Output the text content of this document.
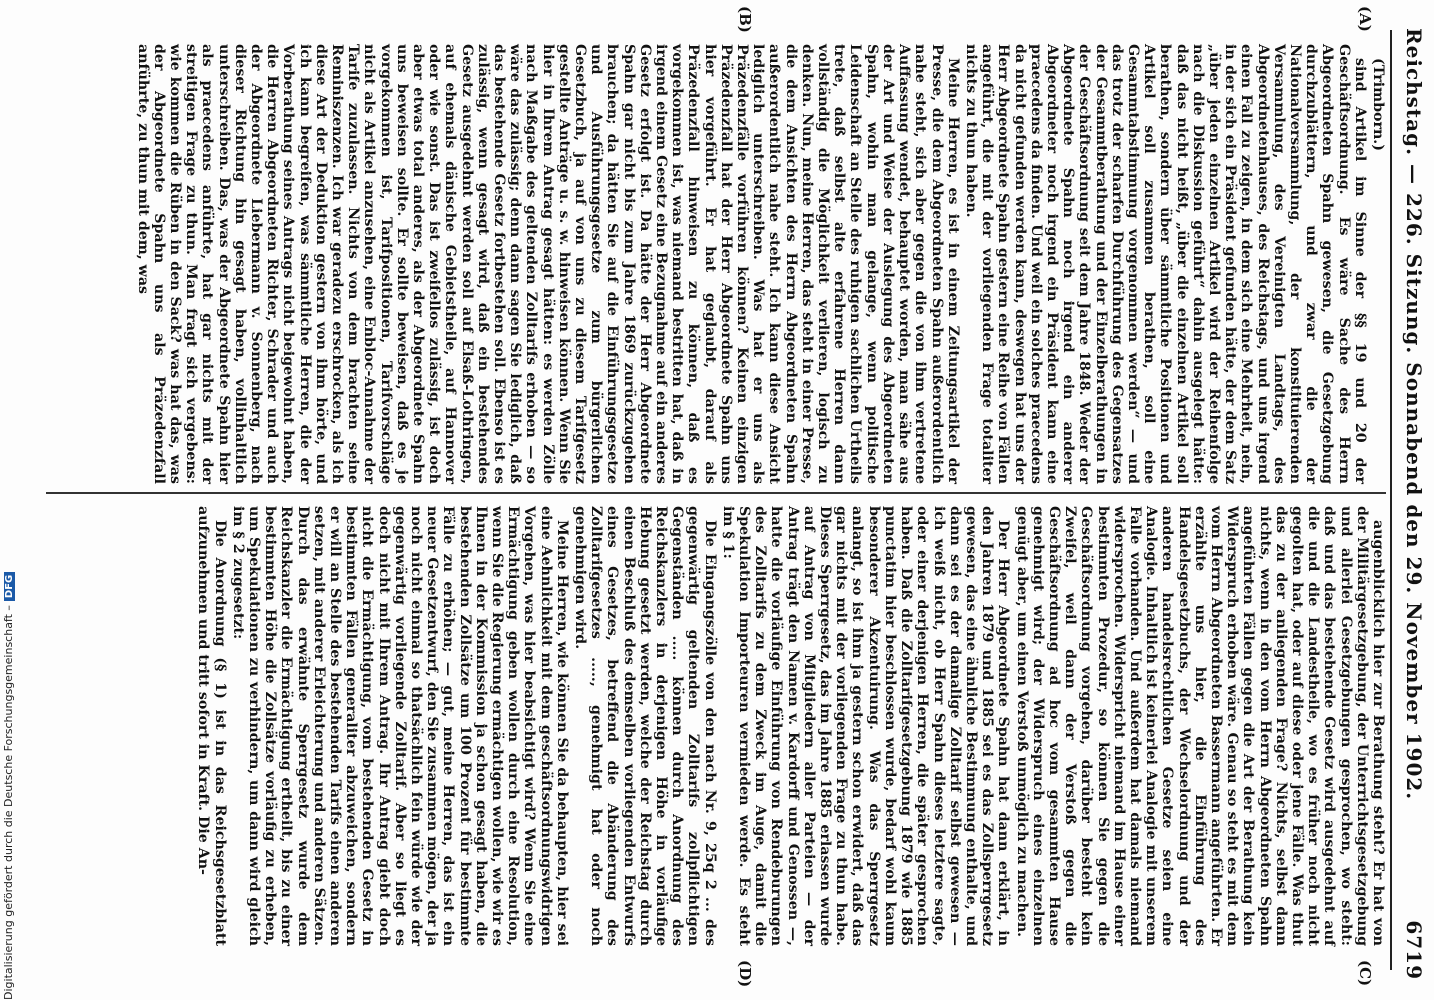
Reichstag. — 226. Sitzung. Sonnabend den 29. November 1902.
6719
(A)
(B)
(C)
(D)

(Trimborn.)

sind Artikel im Sinne der §§ 19 und 20 der Geschäftsordnung. Es wäre Sache des Herrn Abgeordneten Spahn gewesen, die Gesetzgebung durchzublättern, und zwar die der Nationalversammlung, der konstituierenden Versammlung, des Vereinigten Landtags, des Abgeordnetenhauses, des Reichstags, und uns irgend einen Fall zu zeigen, in dem sich eine Mehrheit, nein, in der sich ein Präsident gefunden hätte, der dem Satz „über jeden einzelnen Artikel wird der Reihenfolge nach die Diskussion geführt“ dahin ausgelegt hätte: daß das nicht heißt, „über die einzelnen Artikel soll berathen, sondern über sämmtliche Positionen und Artikel soll zusammen berathen, soll eine Gesammtabstimmung vorgenommen werden“ — und das trotz der scharfen Durchführung des Gegensatzes der Gesammtberathung und der Einzelberathungen in der Geschäftsordnung seit dem Jahre 1848. Weder der Abgeordnete Spahn noch irgend ein anderer Abgeordneter noch irgend ein Präsident kann eine praecedens da finden. Und weil ein solches praecedens da nicht gefunden werden kann, deswegen hat uns der Herr Abgeordnete Spahn gestern eine Reihe von Fällen angeführt, die mit der vorliegenden Frage totaliter nichts zu thun haben.

Meine Herren, es ist in einem Zeitungsartikel der Presse, die dem Abgeordneten Spahn außerordentlich nahe steht, sich aber gegen die von ihm vertretene Auffassung wendet, behauptet worden, man sähe aus der Art und Weise der Auslegung des Abgeordneten Spahn, wohin man gelange, wenn politische Leidenschaft an Stelle des ruhigen sachlichen Urtheils trete, daß selbst alte erfahrene Herren dann vollständig die Möglichkeit verlieren, logisch zu denken. Nun, meine Herren, das steht in einer Presse, die dem Ansichten des Herrn Abgeordneten Spahn außerordentlich nahe steht. Ich kann diese Ansicht lediglich unterschreiben. Was hat er uns als Präzedenzfälle vorführen können? Keinen einzigen Präzedenzfall hat der Herr Abgeordnete Spahn uns hier vorgeführt. Er hat geglaubt, darauf als Präzedenzfall hinweisen zu können, daß es vorgekommen ist, was niemand bestritten hat, daß in irgend einem Gesetz eine Bezugnahme auf ein anderes Gesetz erfolgt ist. Da hätte der Herr Abgeordnete Spahn gar nicht bis zum Jahre 1869 zurückzugehen brauchen; da hätten Sie auf die Einführungsgesetze und Ausführungsgesetze zum bürgerlichen Gesetzbuch, ja auf von uns zu diesem Tarifgesetz gestellte Anträge u. s. w. hinweisen können. Wenn Sie hier in Ihrem Antrag gesagt hätten: es werden Zölle nach Maßgabe des geltenden Zolltarifs erhoben — so wäre das zulässig; denn dann sagen Sie lediglich, daß das bestehende Gesetz fortbestehen soll. Ebenso ist es zulässig, wenn gesagt wird, daß ein bestehendes Gesetz ausgedehnt werden soll auf Elsaß-Lothringen, auf ehemals dänische Gebietstheile, auf Hannover oder wie sonst. Das ist zweifellos zulässig, ist doch aber etwas total anderes, als der Abgeordnete Spahn uns beweisen sollte. Er sollte beweisen, daß es je vorgekommen ist, Tarifpositionen, Tarifvorschläge nicht als Artikel anzusehen, eine Enbloc-Annahme der Tarife zuzulassen. Nichts von dem brachten seine Reminiszenzen. Ich war geradezu erschrocken, als ich diese Art der Deduktion gestern von ihm hörte, und ich kann begreifen, was sämmtliche Herren, die der Vorberathung seines Antrags nicht beigewohnt haben, die Herren Abgeordneten Richter, Schrader und auch der Abgeordnete Liebermann v. Sonnenberg, nach dieser Richtung hin gesagt haben, vollinhaltlich unterschreiben. Das, was der Abgeordnete Spahn hier als praecedens anführte, hat gar nichts mit der streitigen Frage zu thun. Man fragt sich vergebens: wie kommen die Rüben in den Sack? was hat das, was der Abgeordnete Spahn uns als Präzedenzfall anführte, zu thun mit dem, was

augenblicklich hier zur Berathung steht? Er hat von der Militärgesetzgebung, der Unterrichtsgesetzgebung und allerlei Gesetzgebungen gesprochen, wo steht: daß und das bestehende Gesetz wird ausgedehnt auf die und die Landestheile, wo es früher noch nicht gegolten hat, oder auf diese oder jene Fälle. Was thut das zu der anliegenden Frage? Nichts, selbst dann nichts, wenn in den vom Herrn Abgeordneten Spahn angeführten Fällen gegen die Art der Berathung kein Widerspruch erhoben wäre. Genau so steht es mit dem vom Herrn Abgeordneten Bassermann angeführten. Er erzählte uns hier, die Einführung des Handelsgesetzbuchs, der Wechselordnung und der anderen handelsrechtlichen Gesetze seien eine Analogie. Inhaltlich ist keinerlei Analogie mit unserem Falle vorhanden. Und außerdem hat damals niemand widersprochen. Widerspricht niemand im Hause einer bestimmten Prozedur, so können Sie gegen die Geschäftsordnung vorgehen, darüber besteht kein Zweifel, weil dann der Verstoß gegen die Geschäftsordnung ad hoc vom gesammten Hause genehmigt wird; der Widerspruch eines einzelnen genügt aber, um einen Verstoß unmöglich zu machen.

Der Herr Abgeordnete Spahn hat dann erklärt, in den Jahren 1879 und 1885 sei es das Zollsperrgesetz gewesen, das eine ähnliche Bestimmung enthalte, und dann sei es der damalige Zolltarif selbst gewesen — ich weiß nicht, ob Herr Spahn dieses letztere sagte, oder einer derjenigen Herren, die später gesprochen haben. Daß die Zolltarifgesetzgebung 1879 wie 1885 punctatim hier beschlossen wurde, bedarf wohl kaum besonderer Akzentuirung. Was das Sperrgesetz anlangt, so ist ihm ja gestern schon erwidert, daß das gar nichts mit der vorliegenden Frage zu thun habe. Dieses Sperrgesetz, das im Jahre 1885 erlassen wurde auf Antrag von Mitgliedern aller Parteien — der Antrag trägt den Namen v. Kardorff und Genossen —, hatte die vorläufige Einführung von Rendeburungen des Zolltarifs zu dem Zweck im Auge, damit die Spekulation Importeuren vermieden werde. Es steht im § 1:

Die Eingangszölle von den nach Nr. 9, 25q 2 ... des gegenwärtig geltenden Zolltarifs zollpflichtigen Gegenständen ..... können durch Anordnung des Reichskanzlers in derjenigen Höhe in vorläufige Hebung gesetzt werden, welche der Reichstag durch einen Beschluß des demselben vorliegenden Entwurfs eines Gesetzes, betreffend die Abänderung des Zolltarifgesetzes ....., genehmigt hat oder noch genehmigen wird.

Meine Herren, wie können Sie da behaupten, hier sei eine Aehnlichkeit mit dem geschäftsordnungswidrigen Vorgehen, was hier beabsichtigt wird? Wenn Sie eine Ermächtigung geben wollen durch eine Resolution, wenn Sie die Regierung ermächtigen wollen, wie wir es Ihnen in der Kommission ja schon gesagt haben, die bestehenden Zollsätze um 100 Prozent für bestimmte Fälle zu erhöhen; — gut, meine Herren, das ist ein neuer Gesetzentwurf, den Sie zusammen mögen, der ja noch nicht einmal so thatsächlich fein würde wie der gegenwärtig vorliegende Zolltarif. Aber so liegt es doch nicht mit Ihrem Antrag. Ihr Antrag giebt doch nicht die Ermächtigung, vom bestehenden Gesetz in bestimmten Fällen generaliter abzuweichen, sondern er will an Stelle des bestehenden Tarifs einen anderen setzen, mit anderer Erleichterung und anderen Sätzen. Durch das erwähnte Sperrgesetz wurde dem Reichskanzler die Ermächtigung ertheilt, bis zu einer bestimmten Höhe die Zollsätze vorläufig zu erheben, um Spekulationen zu verhindern, um dann wird gleich im § 2 zugesetzt:

Die Anordnung (§ 1) ist in das Reichsgesetzblatt aufzunehmen und tritt sofort in Kraft. Die An-

Digitalisierung gefördert durch die Deutsche Forschungsgemeinschaft –DFG
